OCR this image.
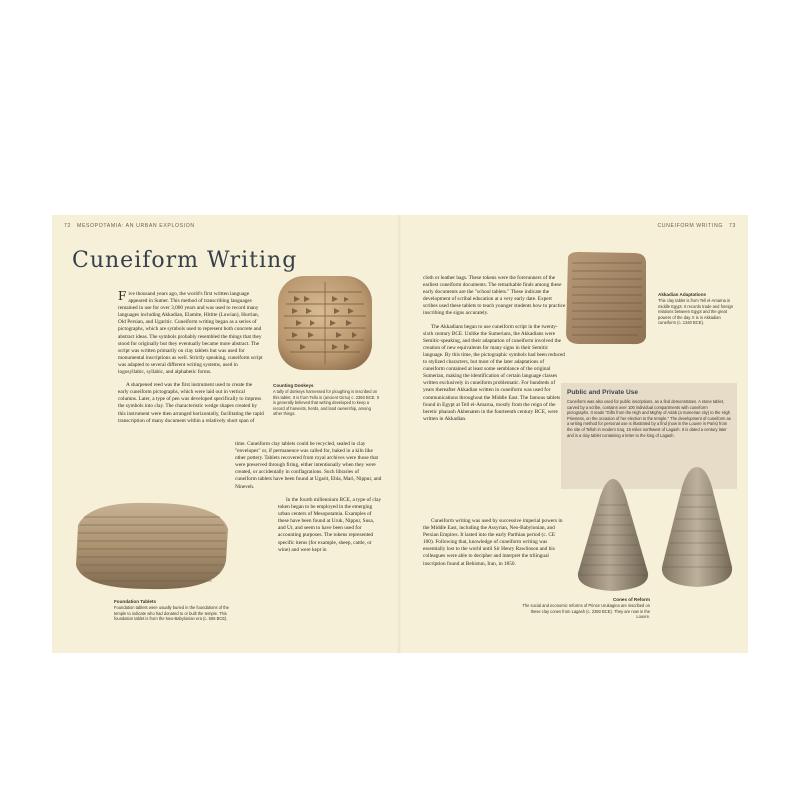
72 MESOPOTAMIA: AN URBAN EXPLOSION	CUNEIFORM WRITING 73
Cuneiform Writing
Counting Donkeys
A tally of donkeys harnessed for ploughing is inscribed on this tablet. It is from Tello in (ancient Girsu) c. 2360 BCE. It is generally believed that writing developed to keep a record of harvests, herds, and land ownership, among other things.

Five thousand years ago, the world's first written language appeared in Sumer. This method of transcribing languages remained in use for over 3,000 years and was used to record many languages including Akkadian, Elamite, Hittite (Luwian), Hurrian, Old Persian, and Ugaritic. Cuneiform writing began as a series of pictographs, which are symbols used to represent both concrete and abstract ideas. The symbols probably resembled the things that they stood for originally but they eventually became more abstract. The script was written primarily on clay tablets but was used for monumental inscriptions as well. Strictly speaking, cuneiform script was adapted to several different writing systems, used in logosyllabic, syllabic, and alphabetic forms.

A sharpened reed was the first instrument used to create the early cuneiform pictographs, which were laid out in vertical columns. Later, a type of pen was developed specifically to impress the symbols into clay. The characteristic wedge shapes created by this instrument were then arranged horizontally, facilitating the rapid transcription of many document within a relatively short span of

time. Cuneiform clay tablets could be recycled, sealed in clay "envelopes" or, if permanence was called for, baked in a kiln like other pottery. Tablets recovered from royal archives were those that were preserved through firing, either intentionally when they were created, or accidentally in conflagrations. Such libraries of cuneiform tablets have been found at Ugarit, Ebla, Mari, Nippur, and Nineveh.

In the fourth millennium BCE, a type of clay token began to be employed in the emerging urban centers of Mesopotamia. Examples of these have been found at Uruk, Nippur, Susa, and Ur, and seem to have been used for accounting purposes. The tokens represented specific items (for example, sheep, cattle, or wine) and were kept in

Foundation Tablets
Foundation tablets were usually buried in the foundations of the temple to indicate who had donated to or built the temple. This foundation tablet is from the Neo-Babylonian era (c. 555 BCE).

cloth or leather bags. These tokens were the forerunners of the earliest cuneiform documents. The remarkable finds among these early documents are the "school tablets." These indicate the development of scribal education at a very early date. Expert scribes used these tablets to teach younger students how to practice inscribing the signs accurately.

The Akkadians began to use cuneiform script in the twenty-sixth century BCE. Unlike the Sumerians, the Akkadians were Semitic-speaking, and their adaptation of cuneiform involved the creation of new equivalents for many signs in their Semitic language. By this time, the pictographic symbols had been reduced to stylized characters, but most of the later adaptations of cuneiform contained at least some semblance of the original Sumerian, making the identification of certain language classes written exclusively in cuneiform problematic. For hundreds of years thereafter Akkadian written in cuneiform was used for communications throughout the Middle East. The famous tablets found in Egypt at Tell el-Amarna, mostly from the reign of the heretic pharaoh Akhenaten in the fourteenth century BCE, were written in Akkadian.

Cuneiform writing was used by successive imperial powers in the Middle East, including the Assyrian, Neo-Babylonian, and Persian Empires. It lasted into the early Parthian period (c. CE 100). Following that, knowledge of cuneiform writing was essentially lost to the world until Sir Henry Rawlinson and his colleagues were able to decipher and interpret the trilingual inscription found at Behistun, Iran, in 1850.

Akkadian Adaptations
This clay tablet is from Tell el-Amarna in middle Egypt. It records trade and foreign relations between Egypt and the great powers of the day. It is in Akkadian cuneiform (c. 1340 BCE).
Public and Private Use

Cuneiform was also used for public inscriptions, as a find demonstrates. A stone tablet, carved by a scribe, contains over 100 individual compartments with cuneiform pictographs. It reads "Gifts from the High and Mighty of Adab (a Sumerian city) to the High Priestess, on the occasion of her election to the temple." The development of cuneiform as a writing method for personal use is illustrated by a find (now in the Louvre in Paris) from the site of Telloh in modern Iraq, 15 miles northwest of Lagash. It is dated a century later and is a clay tablet containing a letter to the king of Lagash.

Cones of Reform
The social and economic reforms of Prince Urukagina are inscribed on these clay cones from Lagash (c. 2350 BCE). They are now in the Louvre.
